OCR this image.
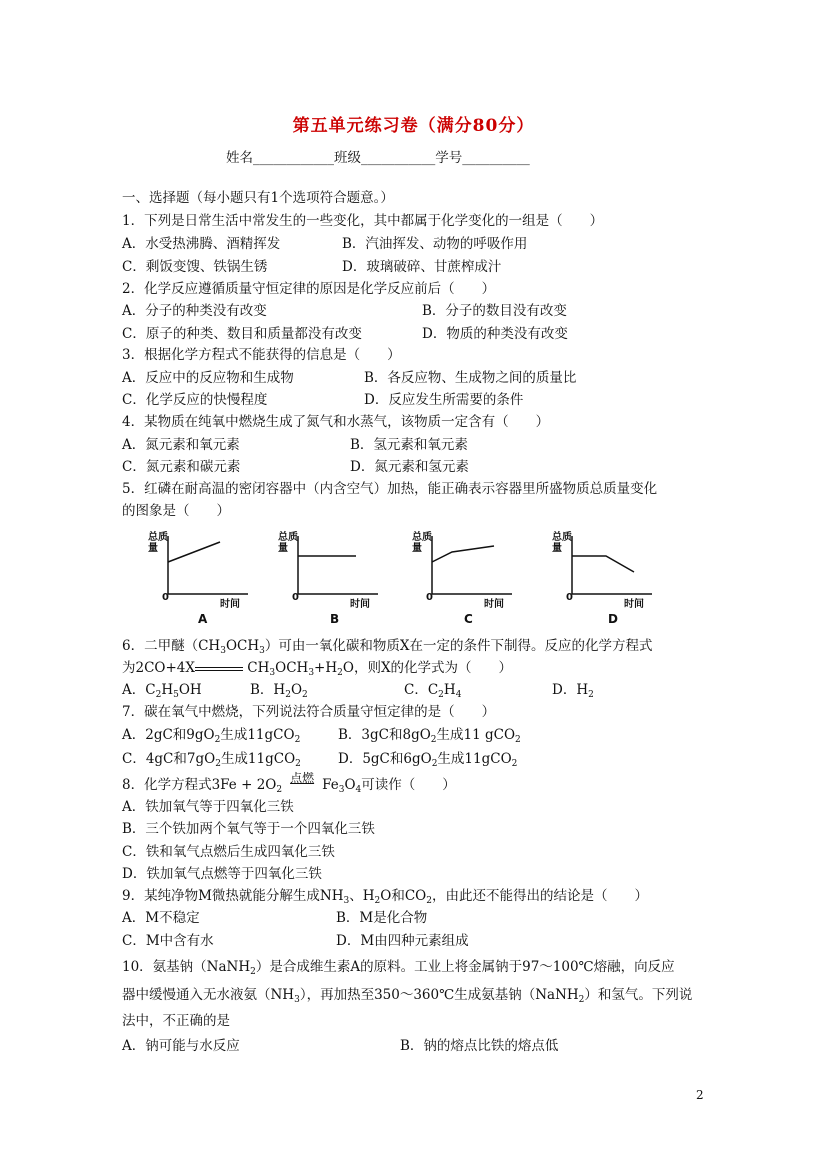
第五单元练习卷（满分80分）
姓名____________班级___________学号__________
一、选择题（每小题只有1个选项符合题意。）
1．下列是日常生活中常发生的一些变化，其中都属于化学变化的一组是（　　）
A．水受热沸腾、酒精挥发	B．汽油挥发、动物的呼吸作用
C．剩饭变馊、铁锅生锈	D．玻璃破碎、甘蔗榨成汁
2．化学反应遵循质量守恒定律的原因是化学反应前后（　　）
A．分子的种类没有改变	B．分子的数目没有改变
C．原子的种类、数目和质量都没有改变	D．物质的种类没有改变
3．根据化学方程式不能获得的信息是（　　）
A．反应中的反应物和生成物	B．各反应物、生成物之间的质量比
C．化学反应的快慢程度	D．反应发生所需要的条件
4．某物质在纯氧中燃烧生成了氮气和水蒸气，该物质一定含有（　　）
A．氮元素和氧元素	B．氢元素和氧元素
C．氮元素和碳元素	D．氮元素和氢元素
5．红磷在耐高温的密闭容器中（内含空气）加热，能正确表示容器里所盛物质总质量变化
的图象是（　　）
总质量
总质量
总质量
总质量
0	0	0	0
时间	时间	时间	时间
A	B	C	D
6．二甲醚$(CH_3OCH_3)$可由一氧化碳和物质X在一定的条件下制得。反应的化学方程式
为2CO+4X	$CH_3OCH_3+H_2O$，则X的化学式为（　　）
A．$C_2H_5OH$	B．$H_2O_2$	C．$C_2H_4$	D．$H_2$
7．碳在氧气中燃烧，下列说法符合质量守恒定律的是（　　）
A．2gC和$9gO_2$生成11gCO$_2$	B．3gC和$8gO_2$生成11 gCO$_2$
C．4gC和$7gO_2$生成11gCO$_2$	D．5gC和$6gO_2$生成11gCO$_2$
8．化学方程式$3Fe + 2O_2$
点燃 $Fe_3O_4$可读作（　　）
A．铁加氧气等于四氧化三铁
B．三个铁加两个氧气等于一个四氧化三铁
C．铁和氧气点燃后生成四氧化三铁
D．铁加氧气点燃等于四氧化三铁
9．某纯净物M微热就能分解生成$NH_3$、$H_2O$和$CO_2$，由此还不能得出的结论是（　　）
A．M不稳定	B．M是化合物
C．M中含有水	D．M由四种元素组成
10．氨基钠（NaNH$_2$）是合成维生素A的原料。工业上将金属钠于97～100℃熔融，向反应
器中缓慢通入无水液氨$(NH_3)$，再加热至350～360℃生成氨基钠（NaNH$_2$）和氢气。下列说
法中，不正确的是
A．钠可能与水反应	B．钠的熔点比铁的熔点低
2
